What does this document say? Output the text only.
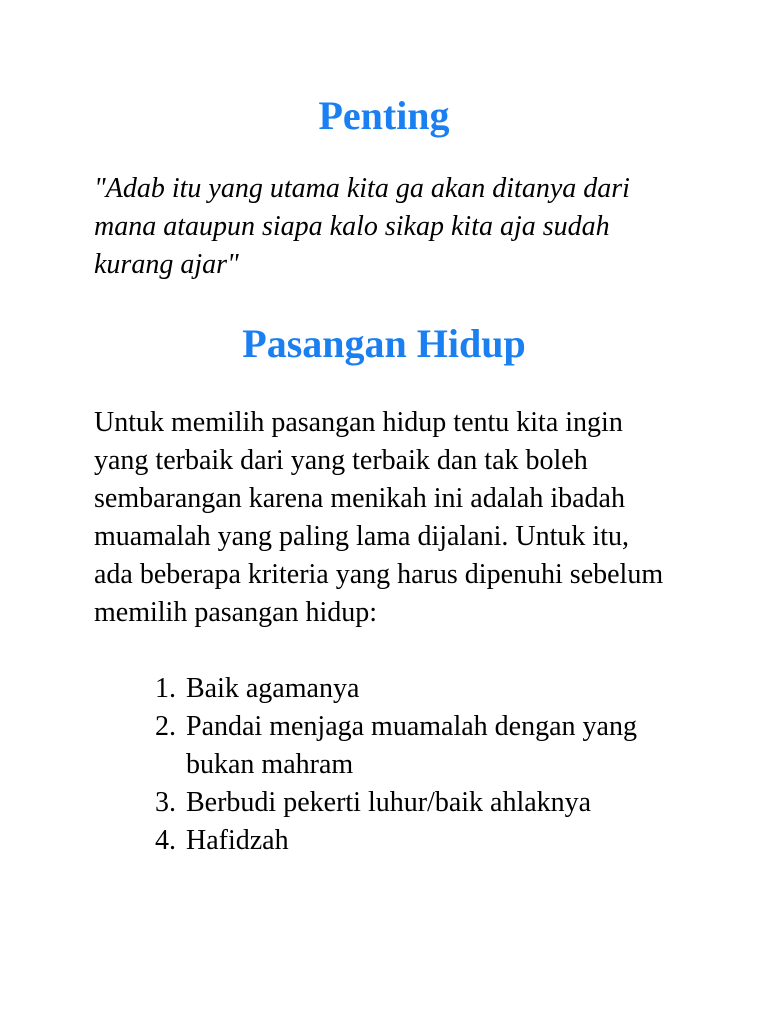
Penting

"Adab itu yang utama kita ga akan ditanya dari mana ataupun siapa kalo sikap kita aja sudah kurang ajar"

Pasangan Hidup

Untuk memilih pasangan hidup tentu kita ingin yang terbaik dari yang terbaik dan tak boleh sembarangan karena menikah ini adalah ibadah muamalah yang paling lama dijalani. Untuk itu, ada beberapa kriteria yang harus dipenuhi sebelum memilih pasangan hidup:

1. Baik agamanya
2. Pandai menjaga muamalah dengan yang bukan mahram
3. Berbudi pekerti luhur/baik ahlaknya
4. Hafidzah
